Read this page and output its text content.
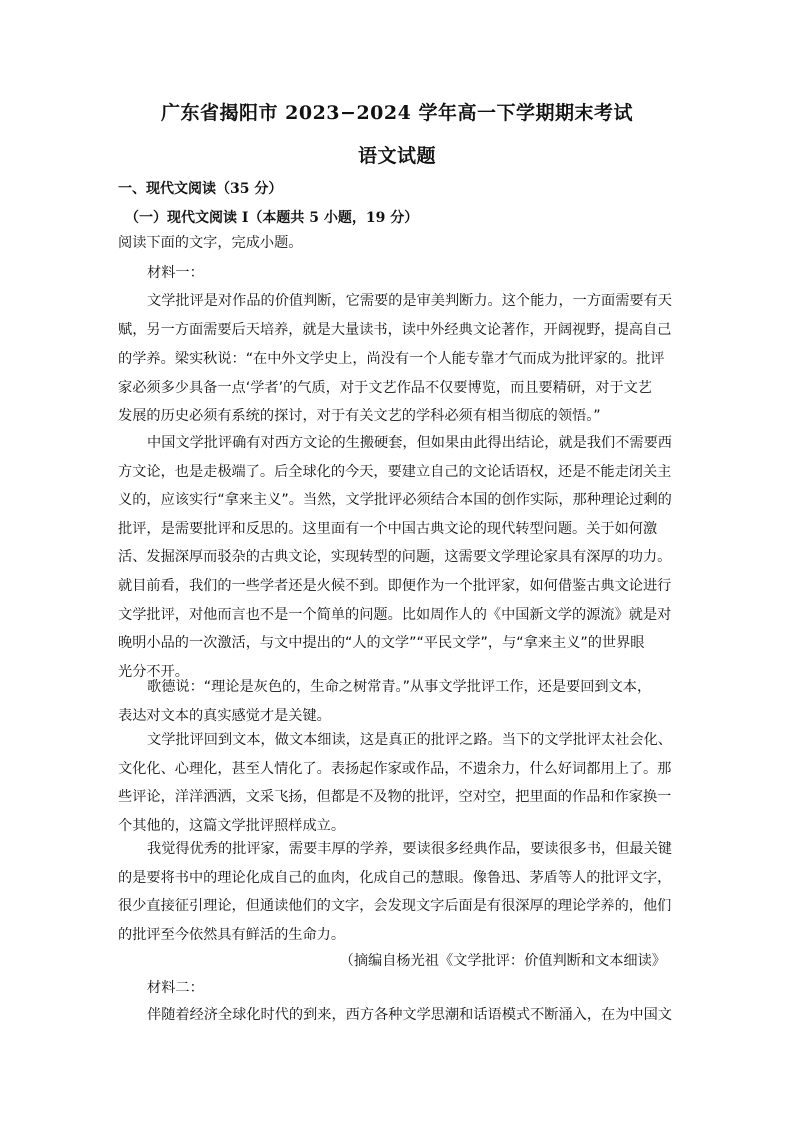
广东省揭阳市 2023−2024 学年高一下学期期末考试
语文试题
一、现代文阅读（35 分）
（一）现代文阅读 I（本题共 5 小题，19 分）
阅读下面的文字，完成小题。
材料一：
文学批评是对作品的价值判断，它需要的是审美判断力。这个能力，一方面需要有天
赋，另一方面需要后天培养，就是大量读书，读中外经典文论著作，开阔视野，提高自己
的学养。梁实秋说：“在中外文学史上，尚没有一个人能专靠才气而成为批评家的。批评
家必须多少具备一点‘学者’的气质，对于文艺作品不仅要博览，而且要精研，对于文艺
发展的历史必须有系统的探讨，对于有关文艺的学科必须有相当彻底的领悟。”
中国文学批评确有对西方文论的生搬硬套，但如果由此得出结论，就是我们不需要西
方文论，也是走极端了。后全球化的今天，要建立自己的文论话语权，还是不能走闭关主
义的，应该实行“拿来主义”。当然，文学批评必须结合本国的创作实际，那种理论过剩的
批评，是需要批评和反思的。这里面有一个中国古典文论的现代转型问题。关于如何激
活、发掘深厚而驳杂的古典文论，实现转型的问题，这需要文学理论家具有深厚的功力。
就目前看，我们的一些学者还是火候不到。即便作为一个批评家，如何借鉴古典文论进行
文学批评，对他而言也不是一个简单的问题。比如周作人的《中国新文学的源流》就是对
晚明小品的一次激活，与文中提出的“人的文学”“平民文学”，与“拿来主义”的世界眼
光分不开。
歌德说：“理论是灰色的，生命之树常青。”从事文学批评工作，还是要回到文本，
表达对文本的真实感觉才是关键。
文学批评回到文本，做文本细读，这是真正的批评之路。当下的文学批评太社会化、
文化化、心理化，甚至人情化了。表扬起作家或作品，不遗余力，什么好词都用上了。那
些评论，洋洋洒洒，文采飞扬，但都是不及物的批评，空对空，把里面的作品和作家换一
个其他的，这篇文学批评照样成立。
我觉得优秀的批评家，需要丰厚的学养，要读很多经典作品，要读很多书，但最关键
的是要将书中的理论化成自己的血肉，化成自己的慧眼。像鲁迅、茅盾等人的批评文字，
很少直接征引理论，但通读他们的文字，会发现文字后面是有很深厚的理论学养的，他们
的批评至今依然具有鲜活的生命力。
（摘编自杨光祖《文学批评：价值判断和文本细读》
材料二：
伴随着经济全球化时代的到来，西方各种文学思潮和话语模式不断涌入，在为中国文
